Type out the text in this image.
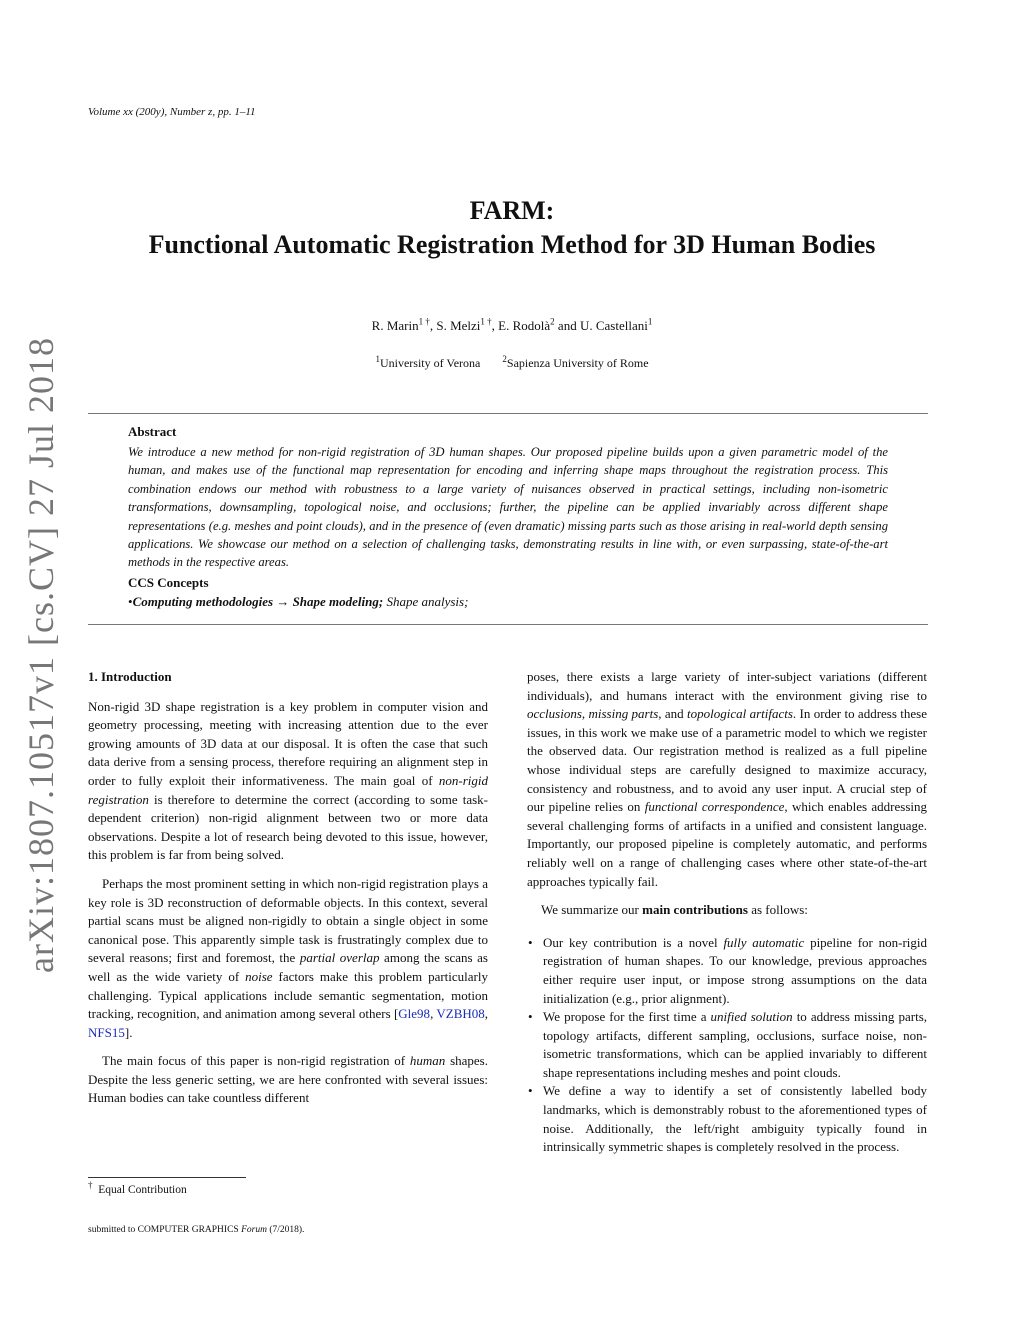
arXiv:1807.10517v1 [cs.CV] 27 Jul 2018
Volume xx (200y), Number z, pp. 1–11
FARM:
Functional Automatic Registration Method for 3D Human Bodies
R. Marin$^{1 \dagger}$, S. Melzi$^{1 \dagger}$, E. Rodolà$^2$ and U. Castellani$^1$
$^1$University of Verona $^2$Sapienza University of Rome
Abstract
We introduce a new method for non-rigid registration of 3D human shapes. Our proposed pipeline builds upon a given parametric model of the human, and makes use of the functional map representation for encoding and inferring shape maps throughout the registration process. This combination endows our method with robustness to a large variety of nuisances observed in practical settings, including non-isometric transformations, downsampling, topological noise, and occlusions; further, the pipeline can be applied invariably across different shape representations (e.g. meshes and point clouds), and in the presence of (even dramatic) missing parts such as those arising in real-world depth sensing applications. We showcase our method on a selection of challenging tasks, demonstrating results in line with, or even surpassing, state-of-the-art methods in the respective areas.
CCS Concepts
•Computing methodologies → Shape modeling; Shape analysis;
1. Introduction

Non-rigid 3D shape registration is a key problem in computer vision and geometry processing, meeting with increasing attention due to the ever growing amounts of 3D data at our disposal. It is often the case that such data derive from a sensing process, therefore requiring an alignment step in order to fully exploit their informativeness. The main goal of non-rigid registration is therefore to determine the correct (according to some task-dependent criterion) non-rigid alignment between two or more data observations. Despite a lot of research being devoted to this issue, however, this problem is far from being solved.

Perhaps the most prominent setting in which non-rigid registration plays a key role is 3D reconstruction of deformable objects. In this context, several partial scans must be aligned non-rigidly to obtain a single object in some canonical pose. This apparently simple task is frustratingly complex due to several reasons; first and foremost, the partial overlap among the scans as well as the wide variety of noise factors make this problem particularly challenging. Typical applications include semantic segmentation, motion tracking, recognition, and animation among several others [Gle98, VZBH08, NFS15].

The main focus of this paper is non-rigid registration of human shapes. Despite the less generic setting, we are here confronted with several issues: Human bodies can take countless different

poses, there exists a large variety of inter-subject variations (different individuals), and humans interact with the environment giving rise to occlusions, missing parts, and topological artifacts. In order to address these issues, in this work we make use of a parametric model to which we register the observed data. Our registration method is realized as a full pipeline whose individual steps are carefully designed to maximize accuracy, consistency and robustness, and to avoid any user input. A crucial step of our pipeline relies on functional correspondence, which enables addressing several challenging forms of artifacts in a unified and consistent language. Importantly, our proposed pipeline is completely automatic, and performs reliably well on a range of challenging cases where other state-of-the-art approaches typically fail.

We summarize our main contributions as follows:

• Our key contribution is a novel fully automatic pipeline for non-rigid registration of human shapes. To our knowledge, previous approaches either require user input, or impose strong assumptions on the data initialization (e.g., prior alignment).
• We propose for the first time a unified solution to address missing parts, topology artifacts, different sampling, occlusions, surface noise, non-isometric transformations, which can be applied invariably to different shape representations including meshes and point clouds.
• We define a way to identify a set of consistently labelled body landmarks, which is demonstrably robust to the aforementioned types of noise. Additionally, the left/right ambiguity typically found in intrinsically symmetric shapes is completely resolved in the process.
† Equal Contribution
submitted to COMPUTER GRAPHICS Forum (7/2018).
